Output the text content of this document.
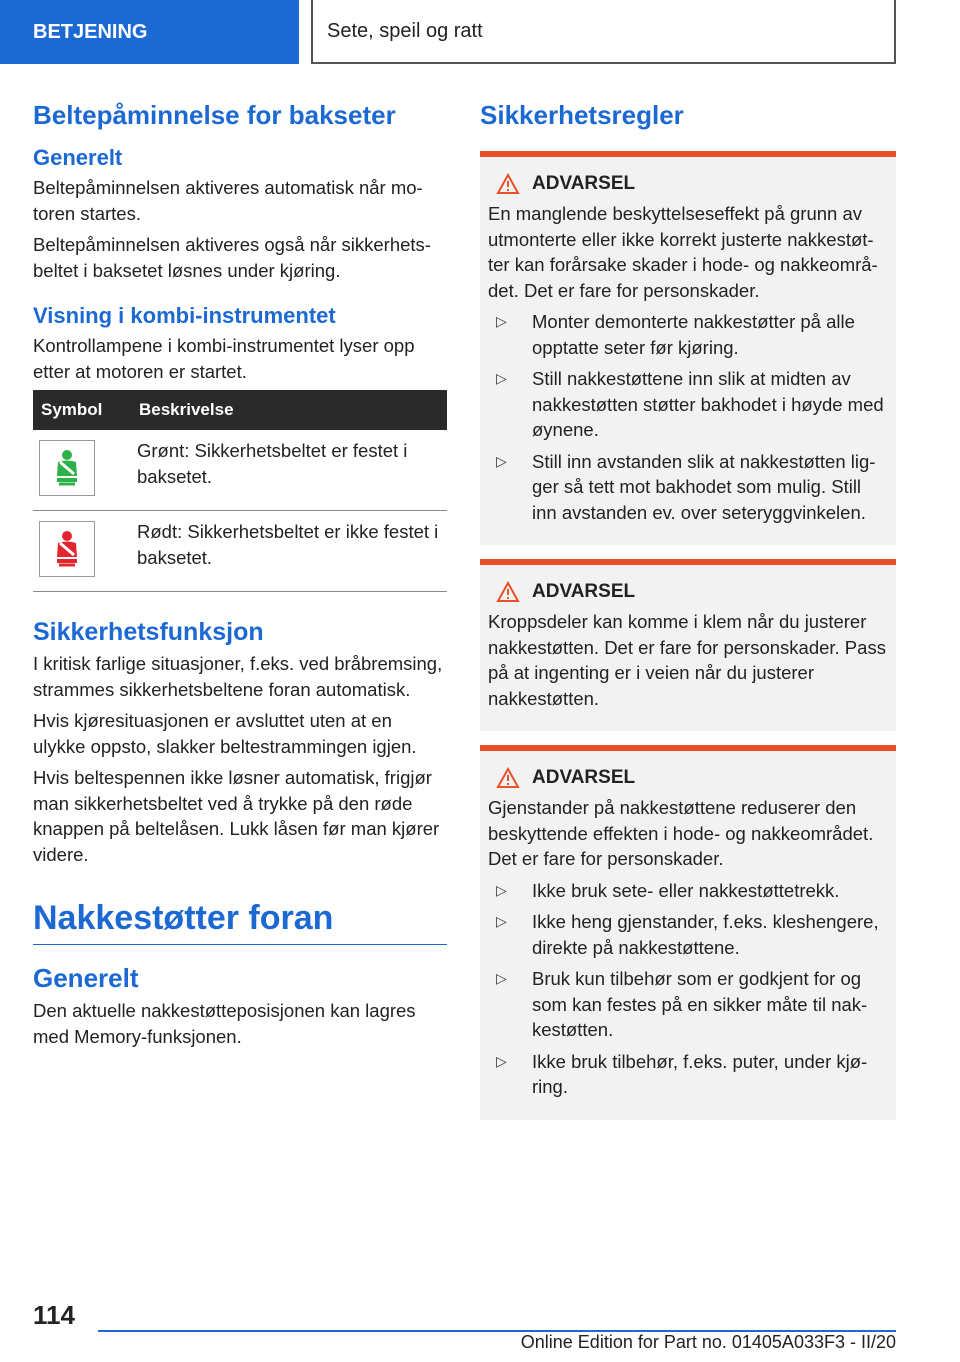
BETJENING	Sete, speil og ratt
Beltepåminnelse for bakseter
Generelt

Beltepåminnelsen aktiveres automatisk når mo-toren startes.

Beltepåminnelsen aktiveres også når sikkerhets-beltet i baksetet løsnes under kjøring.

Visning i kombi-instrumentet

Kontrollampene i kombi-instrumentet lyser opp etter at motoren er startet.

Symbol	Beskrivelse

	Grønt: Sikkerhetsbeltet er festet i baksetet.

	Rødt: Sikkerhetsbeltet er ikke festet i baksetet.
Sikkerhetsfunksjon

I kritisk farlige situasjoner, f.eks. ved bråbremsing, strammes sikkerhetsbeltene foran automatisk.

Hvis kjøresituasjonen er avsluttet uten at en ulykke oppsto, slakker beltestrammingen igjen.

Hvis beltespennen ikke løsner automatisk, frigjør man sikkerhetsbeltet ved å trykke på den røde knappen på beltelåsen. Lukk låsen før man kjører videre.

Nakkestøtter foran
Generelt

Den aktuelle nakkestøtteposisjonen kan lagres med Memory-funksjonen.

Sikkerhetsregler
ADVARSEL

En manglende beskyttelseseffekt på grunn av utmonterte eller ikke korrekt justerte nakkestøt-ter kan forårsake skader i hode- og nakkeområ-det. Det er fare for personskader.

▷	Monter demonterte nakkestøtter på alle opptatte seter før kjøring.
▷	Still nakkestøttene inn slik at midten av nakkestøtten støtter bakhodet i høyde med øynene.
▷	Still inn avstanden slik at nakkestøtten lig-ger så tett mot bakhodet som mulig. Still inn avstanden ev. over seteryggvinkelen.
ADVARSEL

Kroppsdeler kan komme i klem når du justerer nakkestøtten. Det er fare for personskader. Pass på at ingenting er i veien når du justerer nakkestøtten.

ADVARSEL

Gjenstander på nakkestøttene reduserer den beskyttende effekten i hode- og nakkeområdet. Det er fare for personskader.

▷	Ikke bruk sete- eller nakkestøttetrekk.
▷	Ikke heng gjenstander, f.eks. kleshengere, direkte på nakkestøttene.
▷	Bruk kun tilbehør som er godkjent for og som kan festes på en sikker måte til nak-kestøtten.
▷	Ikke bruk tilbehør, f.eks. puter, under kjø-ring.
114
Online Edition for Part no. 01405A033F3 - II/20
